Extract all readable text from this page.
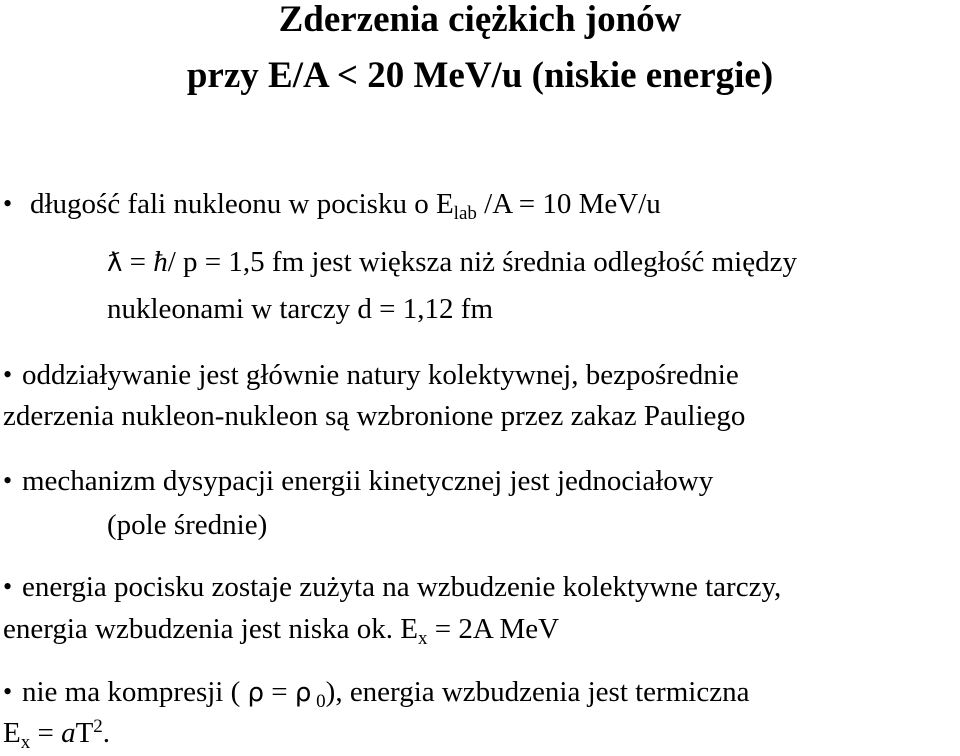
Zderzenia ciężkich jonów
przy E/A < 20 MeV/u (niskie energie)
• długość fali nukleonu w pocisku o $E_{lab}$ /A = 10 MeV/u
ƛ = ħ/ p = 1,5 fm jest większa niż średnia odległość między
nukleonami w tarczy d = 1,12 fm
• oddziaływanie jest głównie natury kolektywnej, bezpośrednie
zderzenia nukleon-nukleon są wzbronione przez zakaz Pauliego
• mechanizm dysypacji energii kinetycznej jest jednociałowy
(pole średnie)
• energia pocisku zostaje zużyta na wzbudzenie kolektywne tarczy,
energia wzbudzenia jest niska ok. $E_x = 2A$ MeV
• nie ma kompresji ( ρ = ρ $_0$), energia wzbudzenia jest termiczna
$E_x = aT^2$.
